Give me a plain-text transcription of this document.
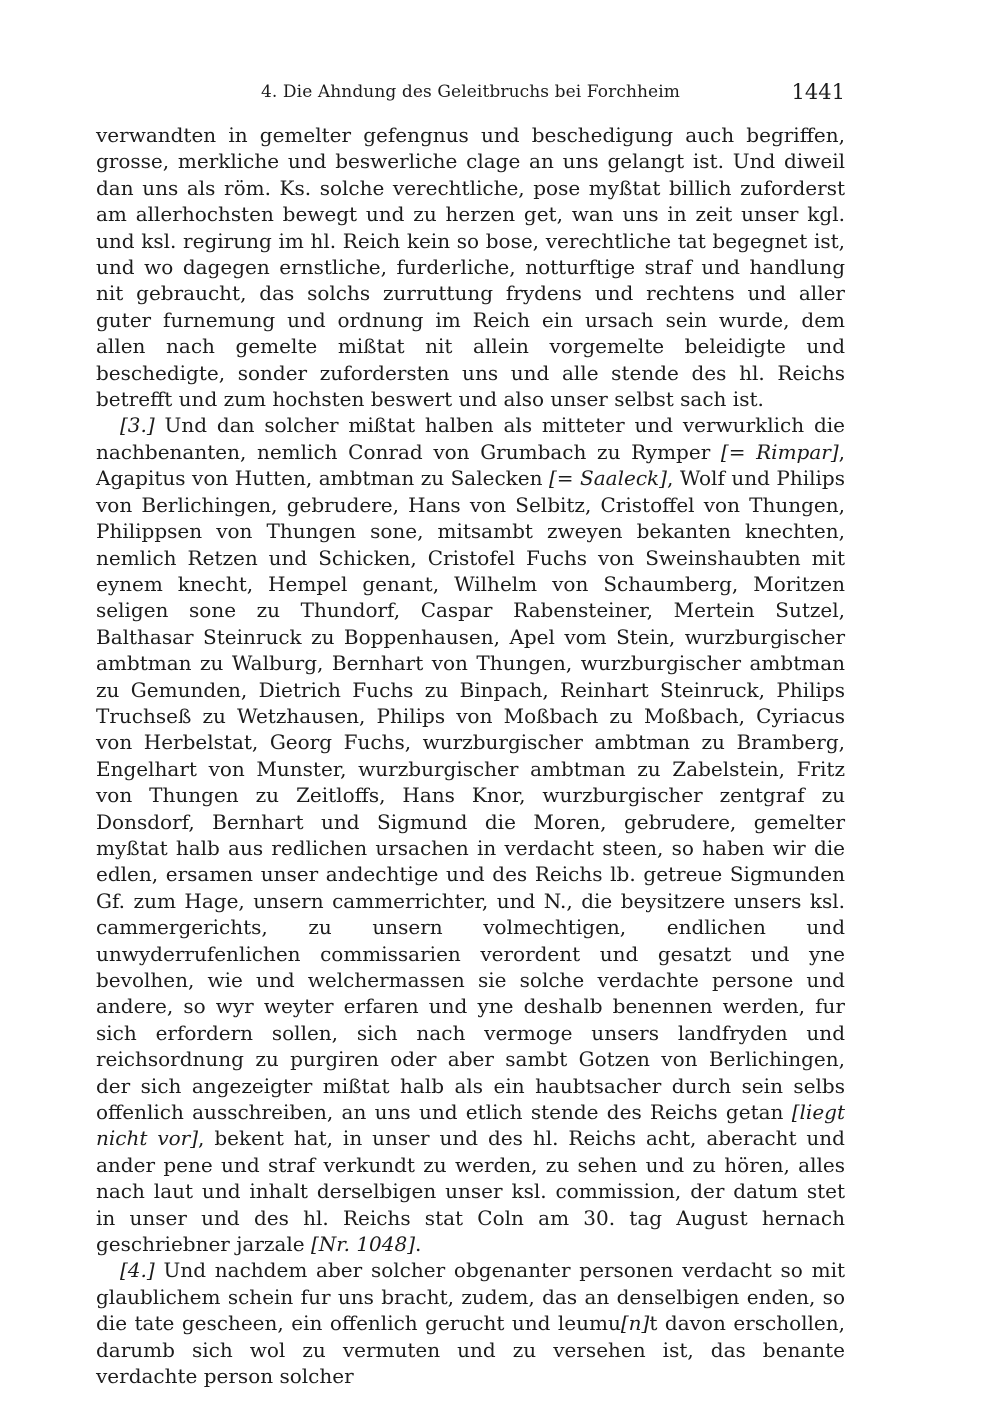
4. Die Ahndung des Geleitbruchs bei Forchheim	1441

verwandten in gemelter gefengnus und beschedigung auch begriffen, grosse, merkliche und beswerliche clage an uns gelangt ist. Und diweil dan uns als röm. Ks. solche verechtliche, pose myßtat billich zuforderst am allerhochsten bewegt und zu herzen get, wan uns in zeit unser kgl. und ksl. regirung im hl. Reich kein so bose, verechtliche tat begegnet ist, und wo dagegen ernstliche, furderliche, notturftige straf und handlung nit gebraucht, das solchs zurruttung frydens und rechtens und aller guter furnemung und ordnung im Reich ein ursach sein wurde, dem allen nach gemelte mißtat nit allein vorgemelte beleidigte und beschedigte, sonder zufordersten uns und alle stende des hl. Reichs betrefft und zum hochsten beswert und also unser selbst sach ist.

[3.] Und dan solcher mißtat halben als mitteter und verwurklich die nachbenanten, nemlich Conrad von Grumbach zu Rymper [= Rimpar], Agapitus von Hutten, ambtman zu Salecken [= Saaleck], Wolf und Philips von Berlichingen, gebrudere, Hans von Selbitz, Cristoffel von Thungen, Philippsen von Thungen sone, mitsambt zweyen bekanten knechten, nemlich Retzen und Schicken, Cristofel Fuchs von Sweinshaubten mit eynem knecht, Hempel genant, Wilhelm von Schaumberg, Moritzen seligen sone zu Thundorf, Caspar Rabensteiner, Mertein Sutzel, Balthasar Steinruck zu Boppenhausen, Apel vom Stein, wurzburgischer ambtman zu Walburg, Bernhart von Thungen, wurzburgischer ambtman zu Gemunden, Dietrich Fuchs zu Binpach, Reinhart Steinruck, Philips Truchseß zu Wetzhausen, Philips von Moßbach zu Moßbach, Cyriacus von Herbelstat, Georg Fuchs, wurzburgischer ambtman zu Bramberg, Engelhart von Munster, wurzburgischer ambtman zu Zabelstein, Fritz von Thungen zu Zeitloffs, Hans Knor, wurzburgischer zentgraf zu Donsdorf, Bernhart und Sigmund die Moren, gebrudere, gemelter myßtat halb aus redlichen ursachen in verdacht steen, so haben wir die edlen, ersamen unser andechtige und des Reichs lb. getreue Sigmunden Gf. zum Hage, unsern cammerrichter, und N., die beysitzere unsers ksl. cammergerichts, zu unsern volmechtigen, endlichen und unwyderrufenlichen commissarien verordent und gesatzt und yne bevolhen, wie und welchermassen sie solche verdachte persone und andere, so wyr weyter erfaren und yne deshalb benennen werden, fur sich erfordern sollen, sich nach vermoge unsers landfryden und reichsordnung zu purgiren oder aber sambt Gotzen von Berlichingen, der sich angezeigter mißtat halb als ein haubtsacher durch sein selbs offenlich ausschreiben, an uns und etlich stende des Reichs getan [liegt nicht vor], bekent hat, in unser und des hl. Reichs acht, aberacht und ander pene und straf verkundt zu werden, zu sehen und zu hören, alles nach laut und inhalt derselbigen unser ksl. commission, der datum stet in unser und des hl. Reichs stat Coln am 30. tag August hernach geschriebner jarzale [Nr. 1048].

[4.] Und nachdem aber solcher obgenanter personen verdacht so mit glaublichem schein fur uns bracht, zudem, das an denselbigen enden, so die tate gescheen, ein offenlich gerucht und leumu[n]t davon erschollen, darumb sich wol zu vermuten und zu versehen ist, das benante verdachte person solcher
